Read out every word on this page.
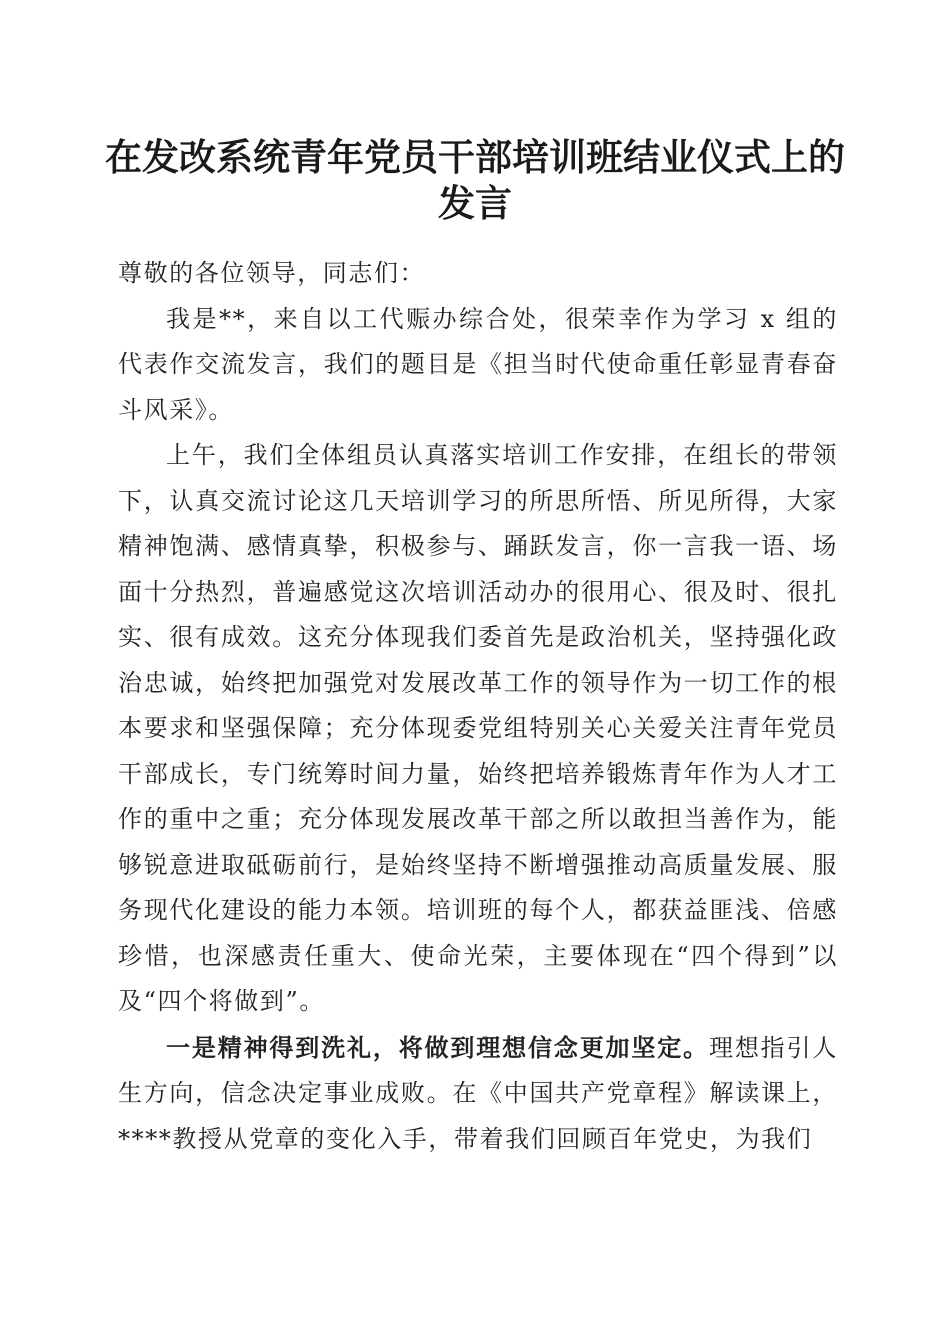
在发改系统青年党员干部培训班结业仪式上的发言

尊敬的各位领导，同志们：

我是**，来自以工代赈办综合处，很荣幸作为学习 x 组的代表作交流发言，我们的题目是《担当时代使命重任彰显青春奋斗风采》。

上午，我们全体组员认真落实培训工作安排，在组长的带领下，认真交流讨论这几天培训学习的所思所悟、所见所得，大家精神饱满、感情真挚，积极参与、踊跃发言，你一言我一语、场面十分热烈，普遍感觉这次培训活动办的很用心、很及时、很扎实、很有成效。这充分体现我们委首先是政治机关，坚持强化政治忠诚，始终把加强党对发展改革工作的领导作为一切工作的根本要求和坚强保障；充分体现委党组特别关心关爱关注青年党员干部成长，专门统筹时间力量，始终把培养锻炼青年作为人才工作的重中之重；充分体现发展改革干部之所以敢担当善作为，能够锐意进取砥砺前行，是始终坚持不断增强推动高质量发展、服务现代化建设的能力本领。培训班的每个人，都获益匪浅、倍感珍惜，也深感责任重大、使命光荣，主要体现在“四个得到”以及“四个将做到”。

一是精神得到洗礼，将做到理想信念更加坚定。理想指引人生方向，信念决定事业成败。在《中国共产党章程》解读课上，****教授从党章的变化入手，带着我们回顾百年党史，为我们
